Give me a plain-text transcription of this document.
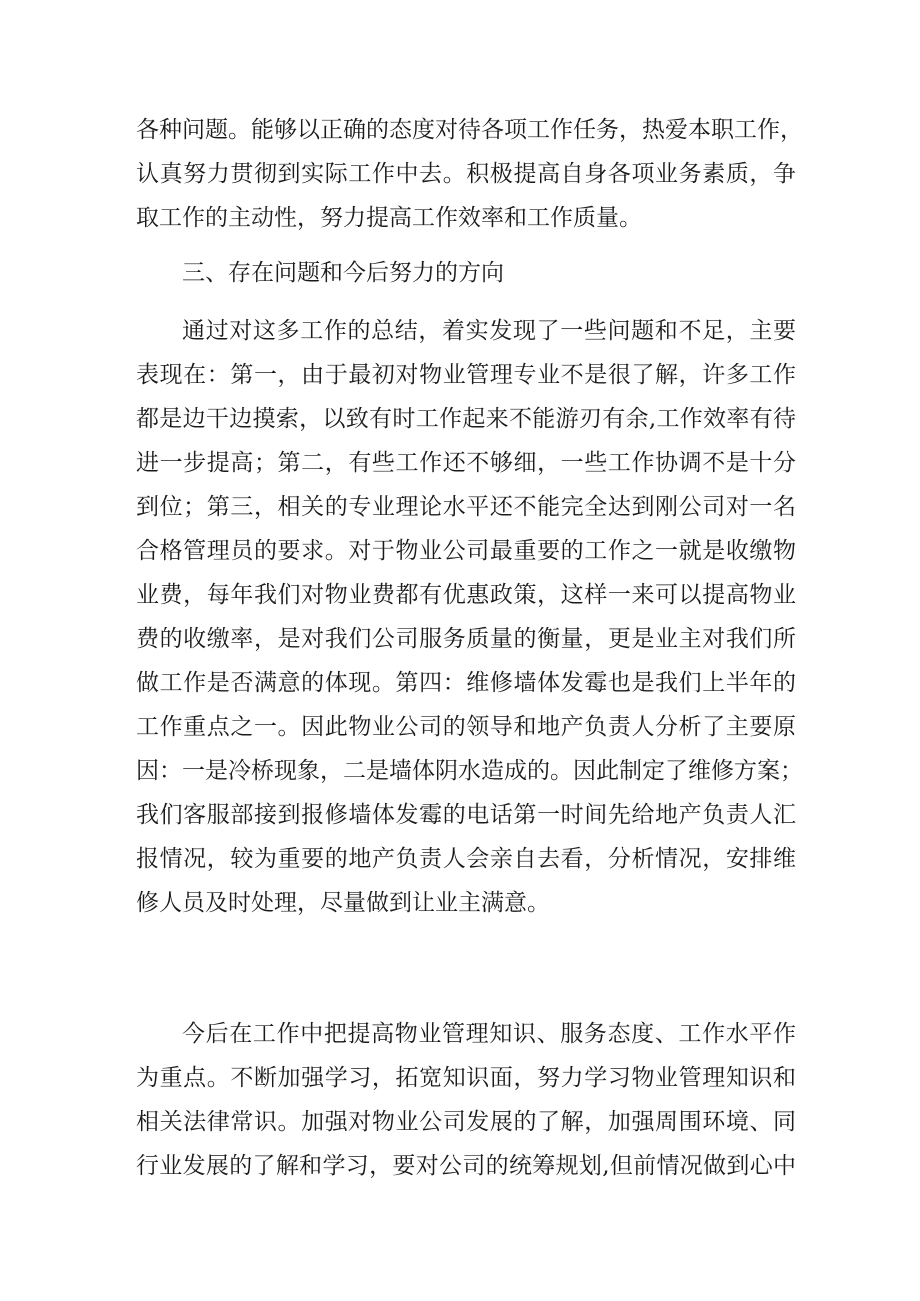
各种问题。能够以正确的态度对待各项工作任务，热爱本职工作，
认真努力贯彻到实际工作中去。积极提高自身各项业务素质，争
取工作的主动性，努力提高工作效率和工作质量。
三、存在问题和今后努力的方向
通过对这多工作的总结，着实发现了一些问题和不足，主要
表现在：第一，由于最初对物业管理专业不是很了解，许多工作
都是边干边摸索，以致有时工作起来不能游刃有余,工作效率有待
进一步提高；第二，有些工作还不够细，一些工作协调不是十分
到位；第三，相关的专业理论水平还不能完全达到刚公司对一名
合格管理员的要求。对于物业公司最重要的工作之一就是收缴物
业费，每年我们对物业费都有优惠政策，这样一来可以提高物业
费的收缴率，是对我们公司服务质量的衡量，更是业主对我们所
做工作是否满意的体现。第四：维修墙体发霉也是我们上半年的
工作重点之一。因此物业公司的领导和地产负责人分析了主要原
因：一是冷桥现象，二是墙体阴水造成的。因此制定了维修方案；
我们客服部接到报修墙体发霉的电话第一时间先给地产负责人汇
报情况，较为重要的地产负责人会亲自去看，分析情况，安排维
修人员及时处理，尽量做到让业主满意。
今后在工作中把提高物业管理知识、服务态度、工作水平作
为重点。不断加强学习，拓宽知识面，努力学习物业管理知识和
相关法律常识。加强对物业公司发展的了解，加强周围环境、同
行业发展的了解和学习，要对公司的统筹规划,但前情况做到心中
